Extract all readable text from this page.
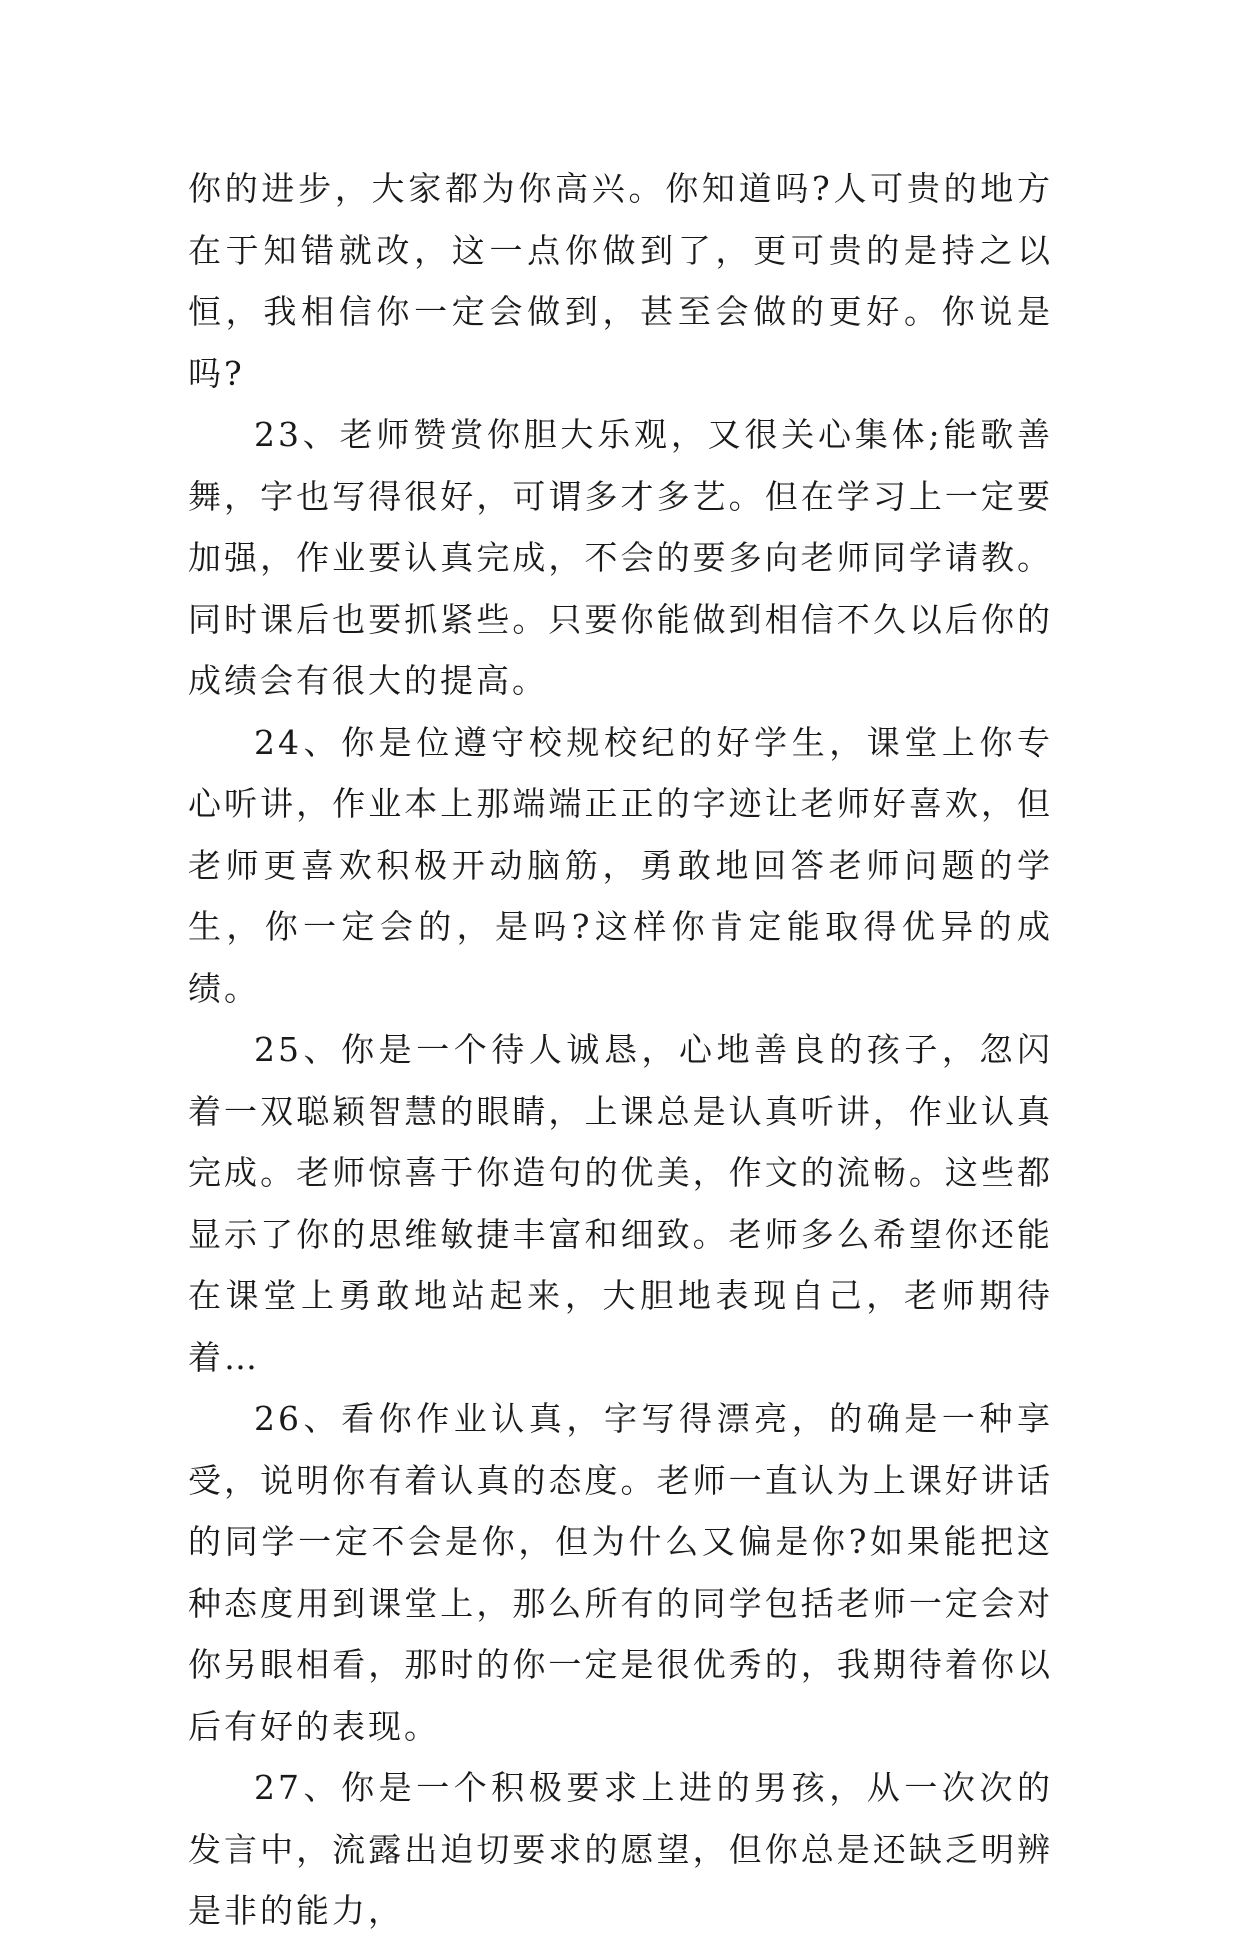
你的进步，大家都为你高兴。你知道吗?人可贵的地方在于知错就改，这一点你做到了，更可贵的是持之以恒，我相信你一定会做到，甚至会做的更好。你说是吗?

23、老师赞赏你胆大乐观，又很关心集体;能歌善舞，字也写得很好，可谓多才多艺。但在学习上一定要加强，作业要认真完成，不会的要多向老师同学请教。同时课后也要抓紧些。只要你能做到相信不久以后你的成绩会有很大的提高。

24、你是位遵守校规校纪的好学生，课堂上你专心听讲，作业本上那端端正正的字迹让老师好喜欢，但老师更喜欢积极开动脑筋，勇敢地回答老师问题的学生，你一定会的，是吗?这样你肯定能取得优异的成绩。

25、你是一个待人诚恳，心地善良的孩子，忽闪着一双聪颖智慧的眼睛，上课总是认真听讲，作业认真完成。老师惊喜于你造句的优美，作文的流畅。这些都显示了你的思维敏捷丰富和细致。老师多么希望你还能在课堂上勇敢地站起来，大胆地表现自己，老师期待着…

26、看你作业认真，字写得漂亮，的确是一种享受，说明你有着认真的态度。老师一直认为上课好讲话的同学一定不会是你，但为什么又偏是你?如果能把这种态度用到课堂上，那么所有的同学包括老师一定会对你另眼相看，那时的你一定是很优秀的，我期待着你以后有好的表现。

27、你是一个积极要求上进的男孩，从一次次的发言中，流露出迫切要求的愿望，但你总是还缺乏明辨是非的能力，
